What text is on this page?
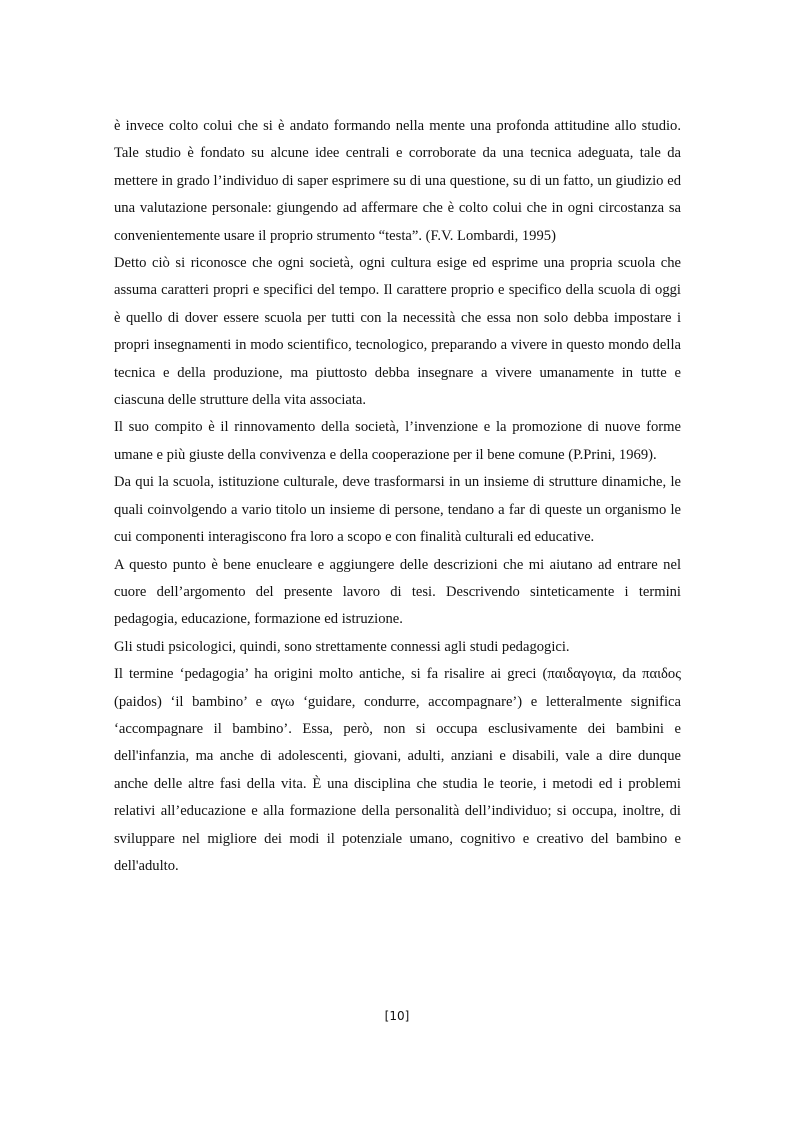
è invece colto colui che si è andato formando nella mente una profonda attitudine allo studio. Tale studio è fondato su alcune idee centrali e corroborate da una tecnica adeguata, tale da mettere in grado l’individuo di saper esprimere su di una questione, su di un fatto, un giudizio ed una valutazione personale: giungendo ad affermare che è colto colui che in ogni circostanza sa convenientemente usare il proprio strumento “testa”. (F.V. Lombardi, 1995)

Detto ciò si riconosce che ogni società, ogni cultura esige ed esprime una propria scuola che assuma caratteri propri e specifici del tempo. Il carattere proprio e specifico della scuola di oggi è quello di dover essere scuola per tutti con la necessità che essa non solo debba impostare i propri insegnamenti in modo scientifico, tecnologico, preparando a vivere in questo mondo della tecnica e della produzione, ma piuttosto debba insegnare a vivere umanamente in tutte e ciascuna delle strutture della vita associata.

Il suo compito è il rinnovamento della società, l’invenzione e la promozione di nuove forme umane e più giuste della convivenza e della cooperazione per il bene comune (P.Prini, 1969).

Da qui la scuola, istituzione culturale, deve trasformarsi in un insieme di strutture dinamiche, le quali coinvolgendo a vario titolo un insieme di persone, tendano a far di queste un organismo le cui componenti interagiscono fra loro a scopo e con finalità culturali ed educative.

A questo punto è bene enucleare e aggiungere delle descrizioni che mi aiutano ad entrare nel cuore dell’argomento del presente lavoro di tesi. Descrivendo sinteticamente i termini pedagogia, educazione, formazione ed istruzione.

Gli studi psicologici, quindi, sono strettamente connessi agli studi pedagogici.

Il termine ‘pedagogia’ ha origini molto antiche, si fa risalire ai greci (παιδαγογια, da παιδος (paidos) ‘il bambino’ e αγω ‘guidare, condurre, accompagnare’) e letteralmente significa ‘accompagnare il bambino’. Essa, però, non si occupa esclusivamente dei bambini e dell'infanzia, ma anche di adolescenti, giovani, adulti, anziani e disabili, vale a dire dunque anche delle altre fasi della vita. È una disciplina che studia le teorie, i metodi ed i problemi relativi all’educazione e alla formazione della personalità dell’individuo; si occupa, inoltre, di sviluppare nel migliore dei modi il potenziale umano, cognitivo e creativo del bambino e dell'adulto.

[10]
